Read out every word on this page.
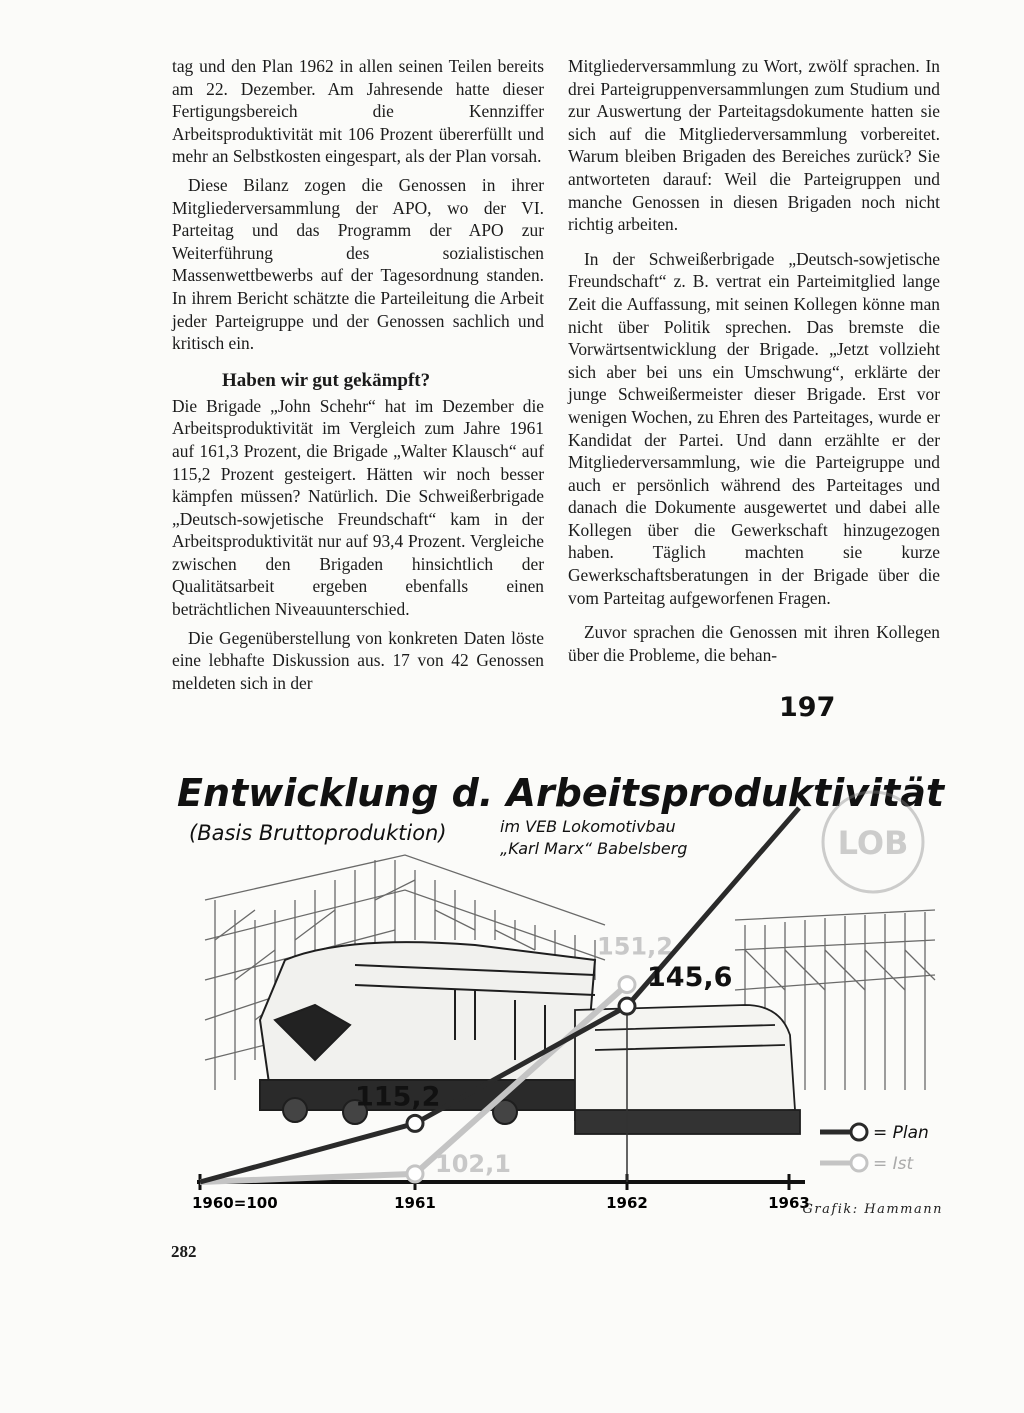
tag und den Plan 1962 in allen seinen Teilen bereits am 22. Dezember. Am Jahresende hatte dieser Fertigungsbereich die Kennziffer Arbeitsproduktivität mit 106 Prozent übererfüllt und mehr an Selbstkosten eingespart, als der Plan vorsah.

Diese Bilanz zogen die Genossen in ihrer Mitgliederversammlung der APO, wo der VI. Parteitag und das Programm der APO zur Weiterführung des sozialistischen Massenwettbewerbs auf der Tagesordnung standen. In ihrem Bericht schätzte die Parteileitung die Arbeit jeder Parteigruppe und der Genossen sachlich und kritisch ein.

Haben wir gut gekämpft?

Die Brigade „John Schehr“ hat im Dezember die Arbeitsproduktivität im Vergleich zum Jahre 1961 auf 161,3 Prozent, die Brigade „Walter Klausch“ auf 115,2 Prozent gesteigert. Hätten wir noch besser kämpfen müssen? Natürlich. Die Schweißerbrigade „Deutsch-sowjetische Freundschaft“ kam in der Arbeitsproduktivität nur auf 93,4 Prozent. Vergleiche zwischen den Brigaden hinsichtlich der Qualitätsarbeit ergeben ebenfalls einen beträchtlichen Niveauunterschied.

Die Gegenüberstellung von konkreten Daten löste eine lebhafte Diskussion aus. 17 von 42 Genossen meldeten sich in der

Mitgliederversammlung zu Wort, zwölf sprachen. In drei Parteigruppenversammlungen zum Studium und zur Auswertung der Parteitagsdokumente hatten sie sich auf die Mitgliederversammlung vorbereitet. Warum bleiben Brigaden des Bereiches zurück? Sie antworteten darauf: Weil die Parteigruppen und manche Genossen in diesen Brigaden noch nicht richtig arbeiten.

In der Schweißerbrigade „Deutsch-sowjetische Freundschaft“ z. B. vertrat ein Parteimitglied lange Zeit die Auffassung, mit seinen Kollegen könne man nicht über Politik sprechen. Das bremste die Vorwärtsentwicklung der Brigade. „Jetzt vollzieht sich aber bei uns ein Umschwung“, erklärte der junge Schweißermeister dieser Brigade. Erst vor wenigen Wochen, zu Ehren des Parteitages, wurde er Kandidat der Partei. Und dann erzählte er der Mitgliederversammlung, wie die Parteigruppe und auch er persönlich während des Parteitages und danach die Dokumente ausgewertet und dabei alle Kollegen über die Gewerkschaft hinzugezogen haben. Täglich machten sie kurze Gewerkschaftsberatungen in der Brigade über die vom Parteitag aufgeworfenen Fragen.

Zuvor sprachen die Genossen mit ihren Kollegen über die Probleme, die behan-

Entwicklung d. Arbeitsproduktivität
(Basis Bruttoproduktion)	im VEB Lokomotivbau
„Karl Marx“ Babelsberg	LOB
1960=100	1961	1962	1963
102,1
151,2
115,2
145,6
197
= Plan
= Ist
Grafik: Hammann
282
